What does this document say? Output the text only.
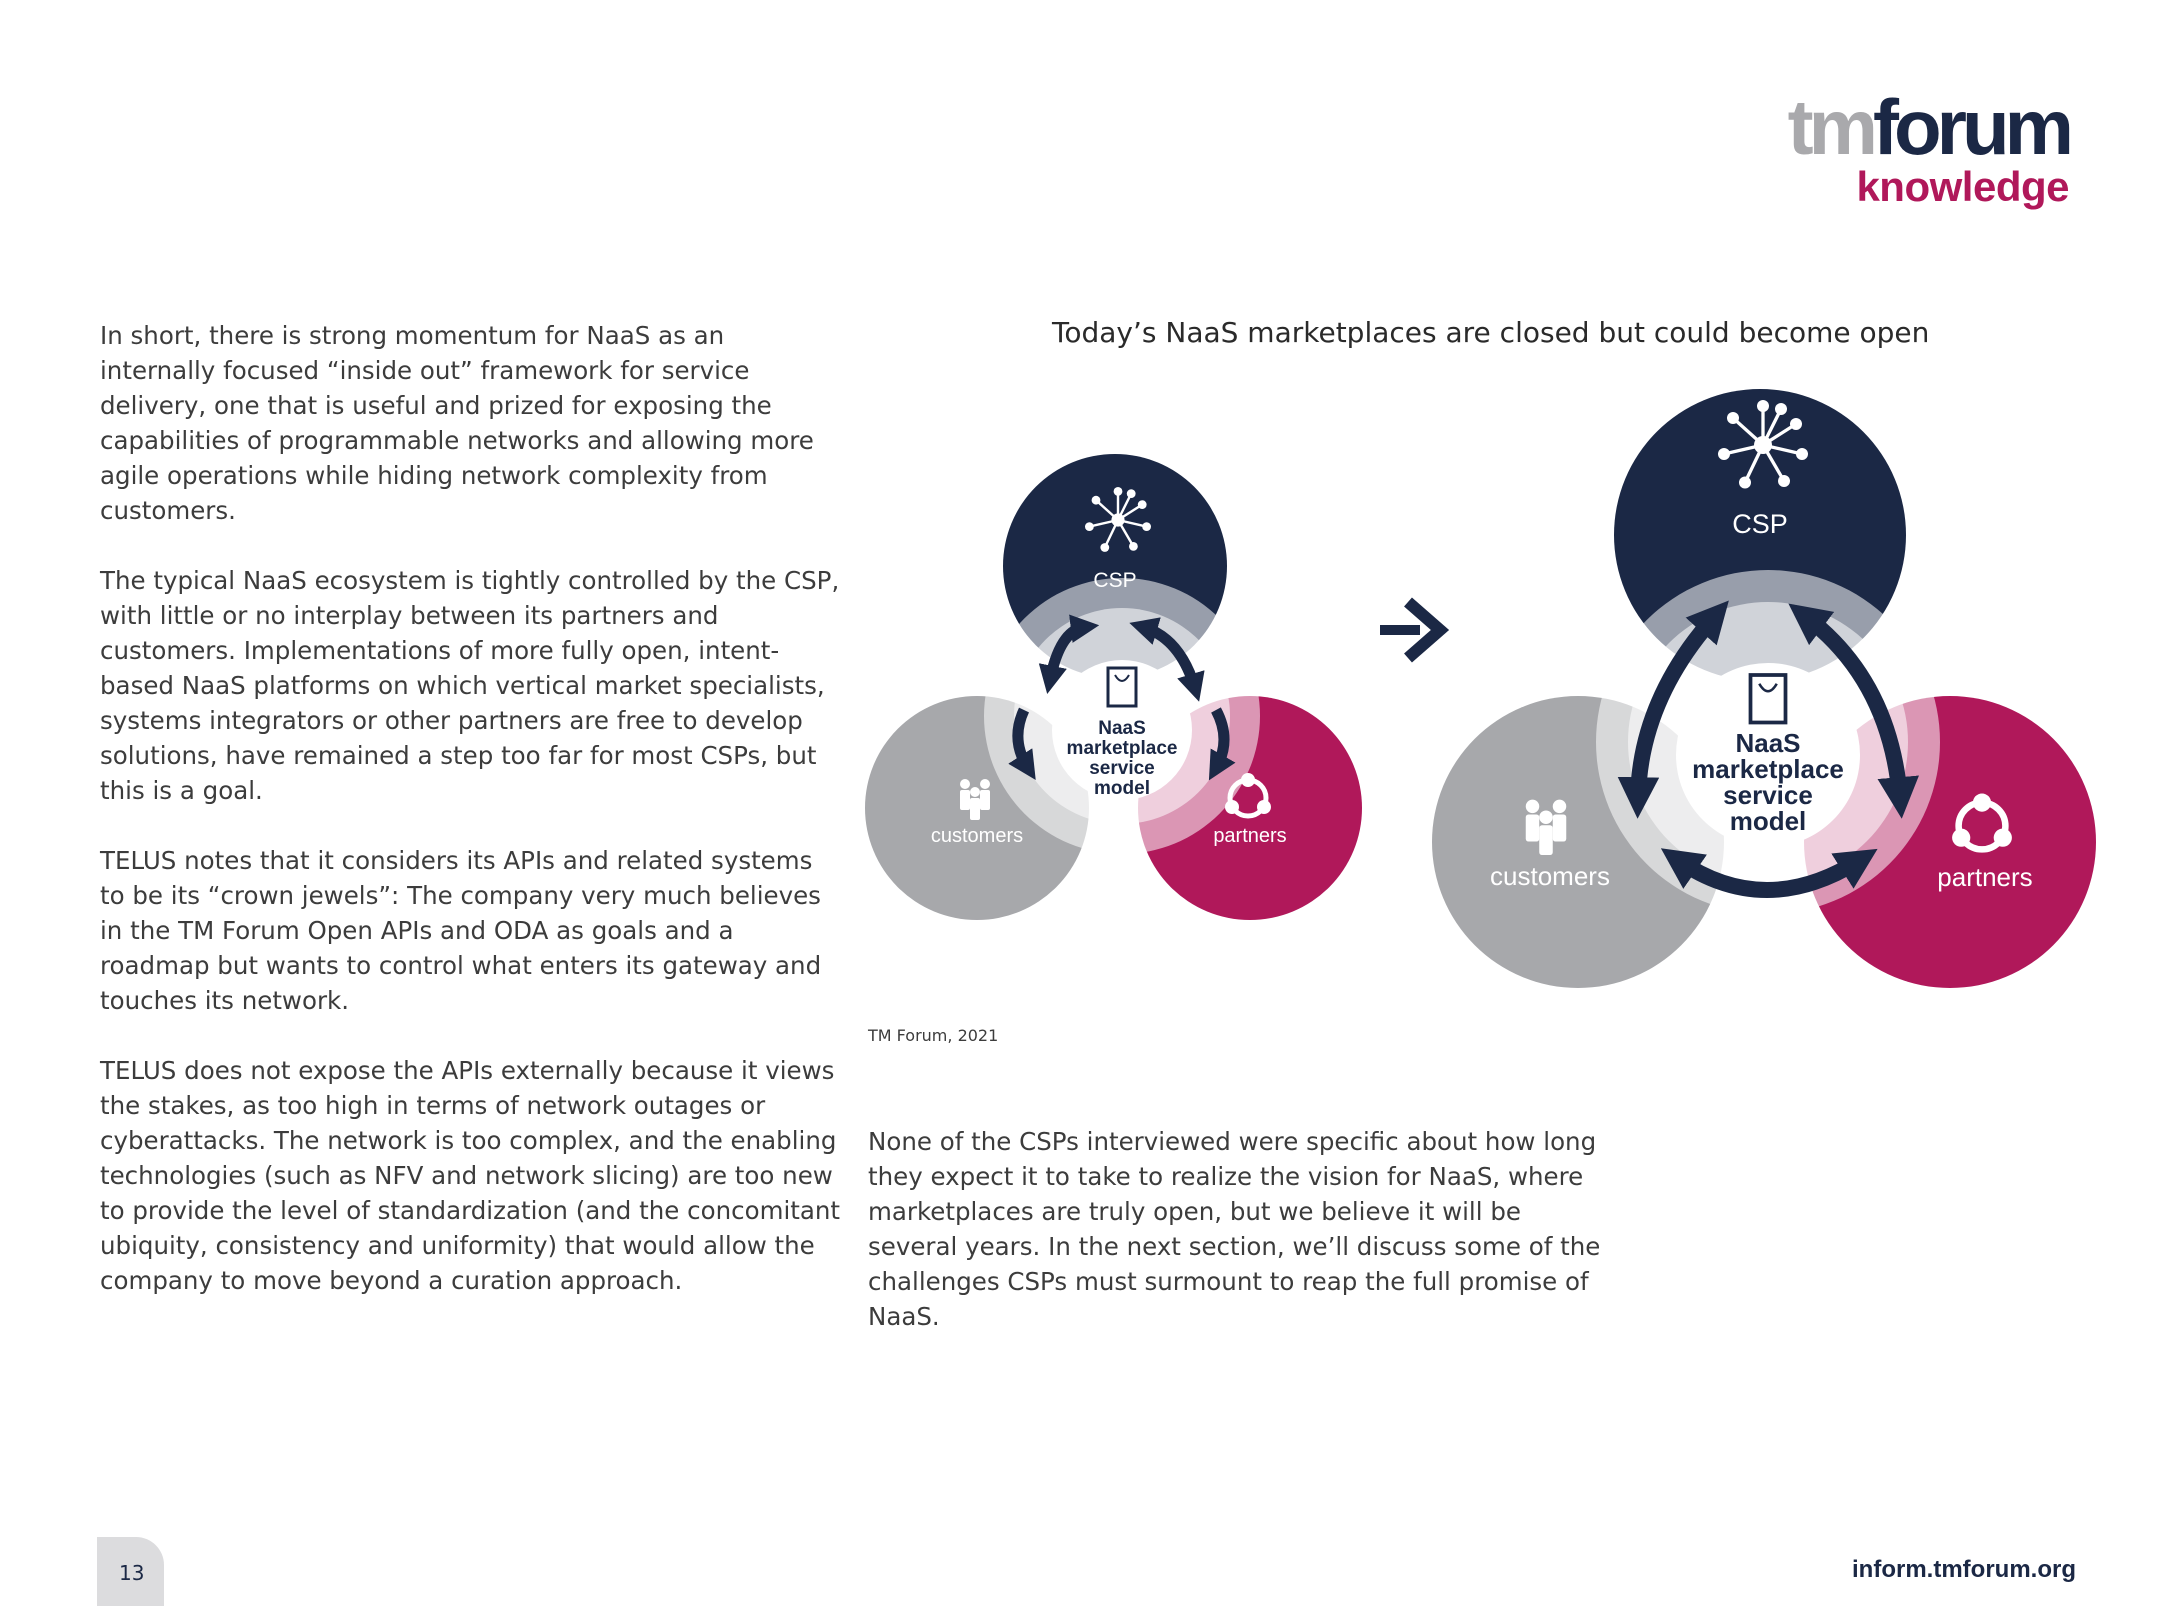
tmforum
knowledge

In short, there is strong momentum for NaaS as an internally focused “inside out” framework for service delivery, one that is useful and prized for exposing the capabilities of programmable networks and allowing more agile operations while hiding network complexity from customers.

The typical NaaS ecosystem is tightly controlled by the CSP, with little or no interplay between its partners and customers. Implementations of more fully open, intent-based NaaS platforms on which vertical market specialists, systems integrators or other partners are free to develop solutions, have remained a step too far for most CSPs, but this is a goal.

TELUS notes that it considers its APIs and related systems to be its “crown jewels”: The company very much believes in the TM Forum Open APIs and ODA as goals and a roadmap but wants to control what enters its gateway and touches its network.

TELUS does not expose the APIs externally because it views the stakes, as too high in terms of network outages or cyberattacks. The network is too complex, and the enabling technologies (such as NFV and network slicing) are too new to provide the level of standardization (and the concomitant ubiquity, consistency and uniformity) that would allow the company to move beyond a curation approach.

Today’s NaaS marketplaces are closed but could become open
NaaS
marketplace
service
model
CSP
customers	partners
NaaS
marketplace
service
model
CSP
customers	partners
TM Forum, 2021

None of the CSPs interviewed were specific about how long they expect it to take to realize the vision for NaaS, where marketplaces are truly open, but we believe it will be several years. In the next section, we’ll discuss some of the challenges CSPs must surmount to reap the full promise of NaaS.

13	inform.tmforum.org
